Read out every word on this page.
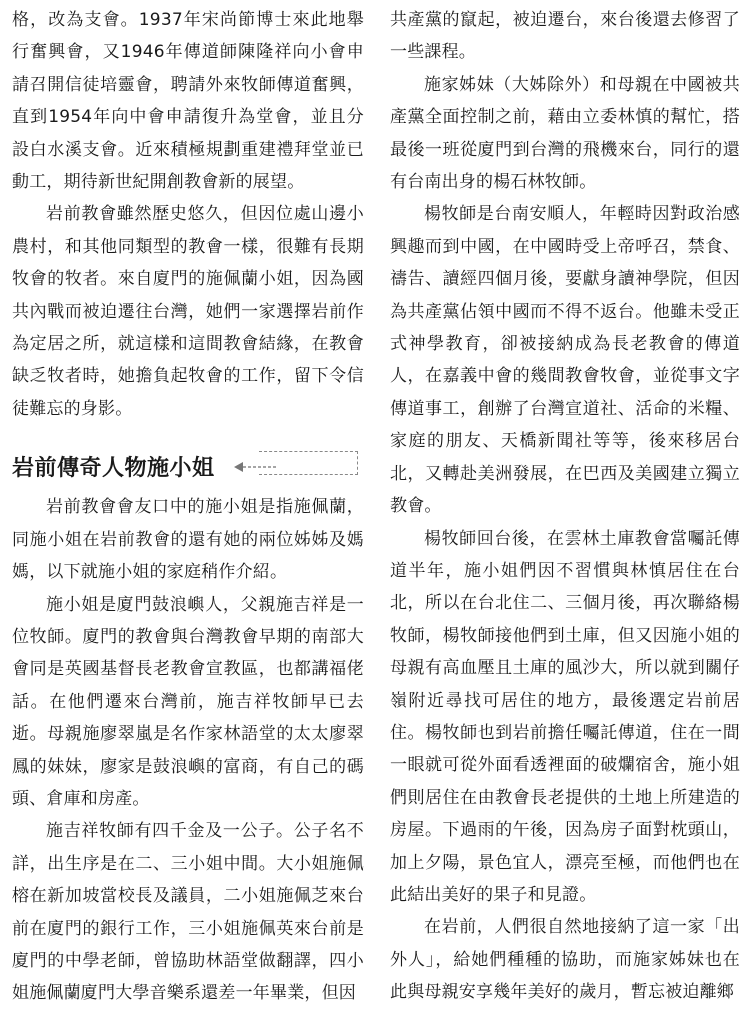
格，改為支會。1937年宋尚節博士來此地舉行奮興會，又1946年傳道師陳隆祥向小會申請召開信徒培靈會，聘請外來牧師傳道奮興，直到1954年向中會申請復升為堂會，並且分設白水溪支會。近來積極規劃重建禮拜堂並已動工，期待新世紀開創教會新的展望。

岩前教會雖然歷史悠久，但因位處山邊小農村，和其他同類型的教會一樣，很難有長期牧會的牧者。來自廈門的施佩蘭小姐，因為國共內戰而被迫遷往台灣，她們一家選擇岩前作為定居之所，就這樣和這間教會結緣，在教會缺乏牧者時，她擔負起牧會的工作，留下令信徒難忘的身影。

岩前傳奇人物施小姐

岩前教會會友口中的施小姐是指施佩蘭，同施小姐在岩前教會的還有她的兩位姊姊及媽媽，以下就施小姐的家庭稍作介紹。

施小姐是廈門鼓浪嶼人，父親施吉祥是一位牧師。廈門的教會與台灣教會早期的南部大會同是英國基督長老教會宣教區，也都講福佬話。在他們遷來台灣前，施吉祥牧師早已去逝。母親施廖翠嵐是名作家林語堂的太太廖翠鳳的妹妹，廖家是鼓浪嶼的富商，有自己的碼頭、倉庫和房產。

施吉祥牧師有四千金及一公子。公子名不詳，出生序是在二、三小姐中間。大小姐施佩榕在新加坡當校長及議員，二小姐施佩芝來台前在廈門的銀行工作，三小姐施佩英來台前是廈門的中學老師，曾協助林語堂做翻譯，四小姐施佩蘭廈門大學音樂系還差一年畢業，但因

共產黨的竄起，被迫遷台，來台後還去修習了一些課程。

施家姊妹（大姊除外）和母親在中國被共產黨全面控制之前，藉由立委林慎的幫忙，搭最後一班從廈門到台灣的飛機來台，同行的還有台南出身的楊石林牧師。

楊牧師是台南安順人，年輕時因對政治感興趣而到中國，在中國時受上帝呼召，禁食、禱告、讀經四個月後，要獻身讀神學院，但因為共產黨佔領中國而不得不返台。他雖未受正式神學教育，卻被接納成為長老教會的傳道人，在嘉義中會的幾間教會牧會，並從事文字傳道事工，創辦了台灣宣道社、活命的米糧、家庭的朋友、天橋新聞社等等，後來移居台北，又轉赴美洲發展，在巴西及美國建立獨立教會。

楊牧師回台後，在雲林土庫教會當囑託傳道半年，施小姐們因不習慣與林慎居住在台北，所以在台北住二、三個月後，再次聯絡楊牧師，楊牧師接他們到土庫，但又因施小姐的母親有高血壓且土庫的風沙大，所以就到關仔嶺附近尋找可居住的地方，最後選定岩前居住。楊牧師也到岩前擔任囑託傳道，住在一間一眼就可從外面看透裡面的破爛宿舍，施小姐們則居住在由教會長老提供的土地上所建造的房屋。下過雨的午後，因為房子面對枕頭山，加上夕陽，景色宜人，漂亮至極，而他們也在此結出美好的果子和見證。

在岩前，人們很自然地接納了這一家「出外人」，給她們種種的協助，而施家姊妹也在此與母親安享幾年美好的歲月，暫忘被迫離鄉
